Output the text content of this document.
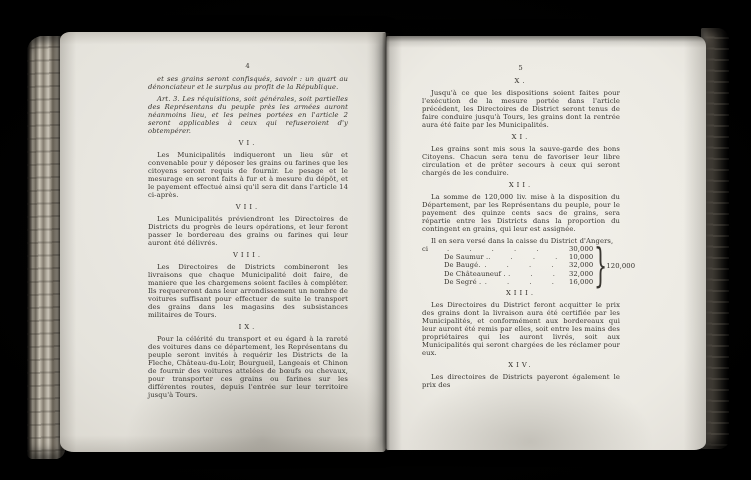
4
et ses grains seront confisqués, savoir : un quart au dénonciateur et le surplus au profit de la République.
Art. 3. Les réquisitions, soit générales, soit partielles des Représentans du peuple près les armées auront néanmoins lieu, et les peines portées en l'article 2 seront applicables à ceux qui refuseroient d'y obtempérer.
VI.
Les Municipalités indiqueront un lieu sûr et convenable pour y déposer les grains ou farines que les citoyens seront requis de fournir. Le pesage et le mesurage en seront faits à fur et à mesure du dépôt, et le payement effectué ainsi qu'il sera dit dans l'article 14 ci-après.
VII.
Les Municipalités préviendront les Directoires de Districts du progrès de leurs opérations, et leur feront passer le bordereau des grains ou farines qui leur auront été délivrés.
VIII.
Les Directoires de Districts combineront les livraisons que chaque Municipalité doit faire, de maniere que les chargemens soient faciles à compléter. Ils requereront dans leur arrondissement un nombre de voitures suffisant pour effectuer de suite le transport des grains dans les magasins des subsistances militaires de Tours.
IX.
Pour la célérité du transport et eu égard à la rareté des voitures dans ce département, les Représentans du peuple seront invités à requérir les Districts de la Fleche, Château-du-Loir, Bourgueil, Langeais et Chinon de fournir des voitures attelées de bœufs ou chevaux, pour transporter ces grains ou farines sur les différentes routes, depuis l'entrée sur leur territoire jusqu'à Tours.
5
X.
Jusqu'à ce que les dispositions soient faites pour l'exécution de la mesure portée dans l'article précédent, les Directoires de District seront tenus de faire conduire jusqu'à Tours, les grains dont la rentrée aura été faite par les Municipalités.
XI.
Les grains sont mis sous la sauve-garde des bons Citoyens. Chacun sera tenu de favoriser leur libre circulation et de prêter secours à ceux qui seront chargés de les conduire.
XII.
La somme de 120,000 liv. mise à la disposition du Département, par les Représentans du peuple, pour le payement des quinze cents sacs de grains, sera répartie entre les Districts dans la proportion du contingent en grains, qui leur est assignée.
Il en sera versé dans la caisse du District d'Angers,
ci	. . . . .	30,000
De Saumur . . . . .	10,000
De Baugé. . . . .	32,000
De Châteauneuf . . . .	32,000
De Segré . . . . .	16,000 }
120,000
XIII.
Les Directoires du District feront acquitter le prix des grains dont la livraison aura été certifiée par les Municipalités, et conformément aux bordereaux qui leur auront été remis par elles, soit entre les mains des propriétaires qui les auront livrés, soit aux Municipalités qui seront chargées de les réclamer pour eux.
XIV.
Les directoires de Districts payeront également le prix des
